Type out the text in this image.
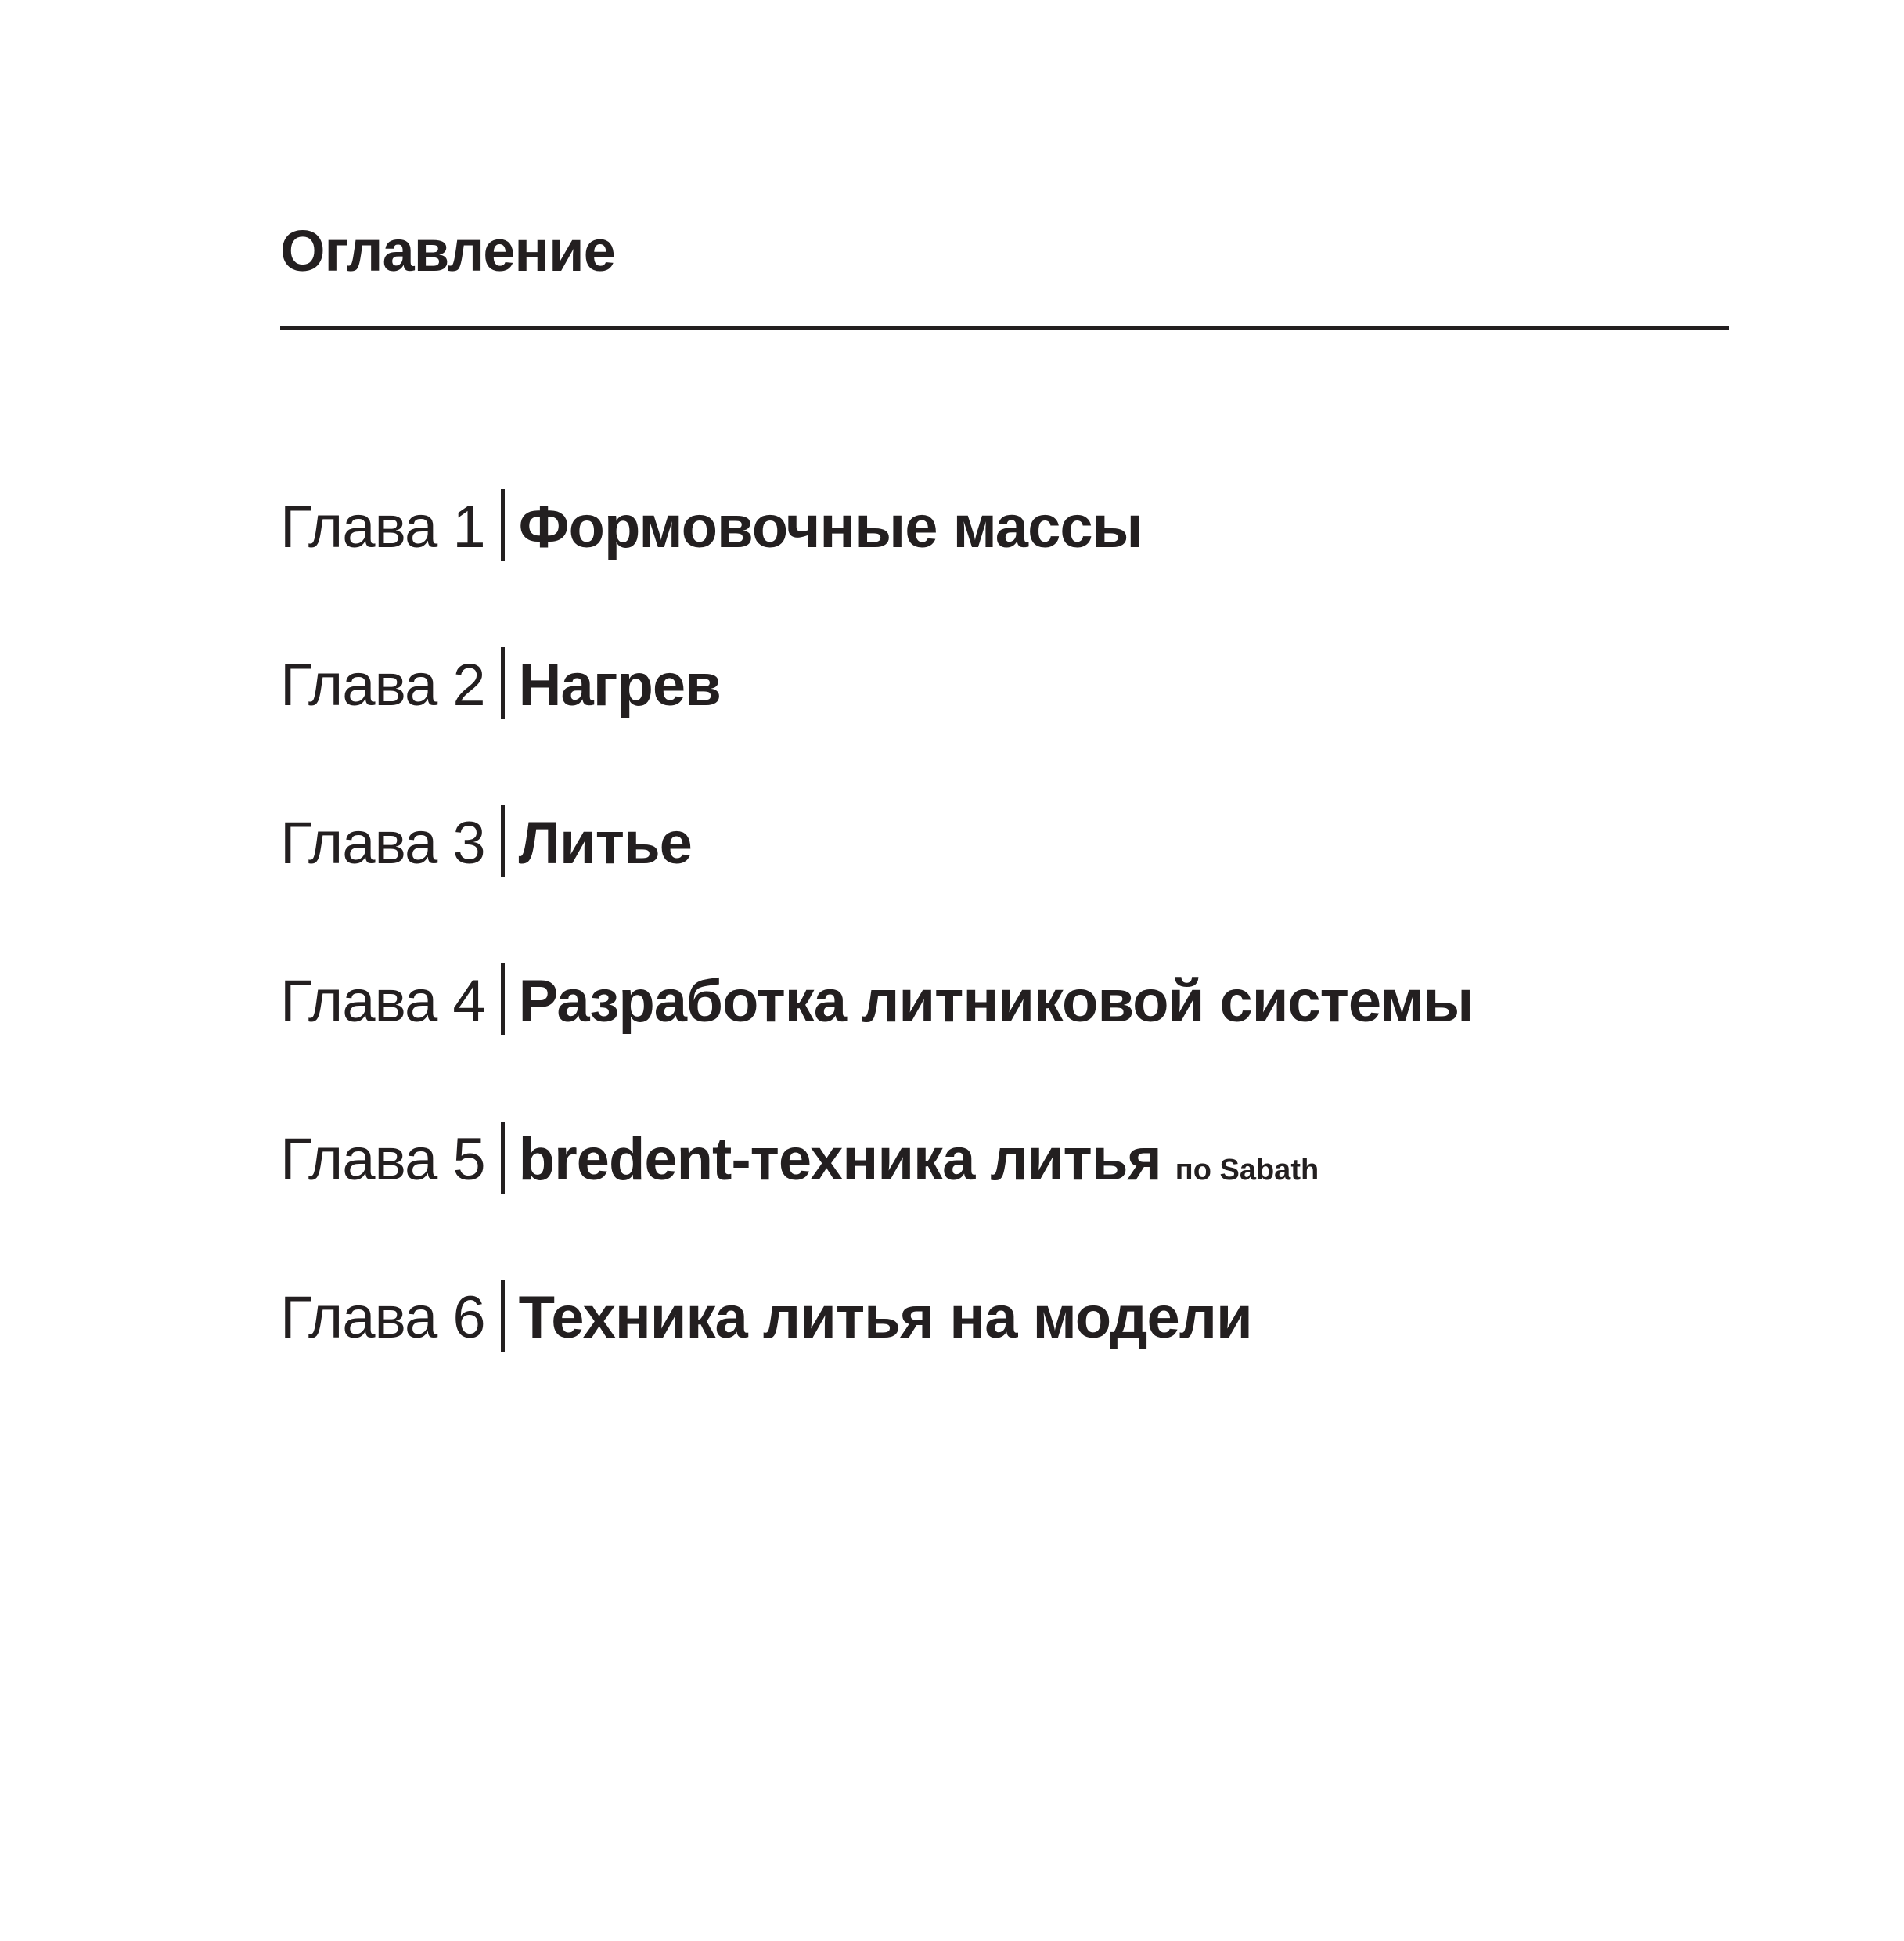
Оглавление
Глава 1 Формовочные массы
Глава 2 Нагрев
Глава 3 Литье
Глава 4 Разработка литниковой системы
Глава 5 bredent-техника литья по Sabath
Глава 6 Техника литья на модели
